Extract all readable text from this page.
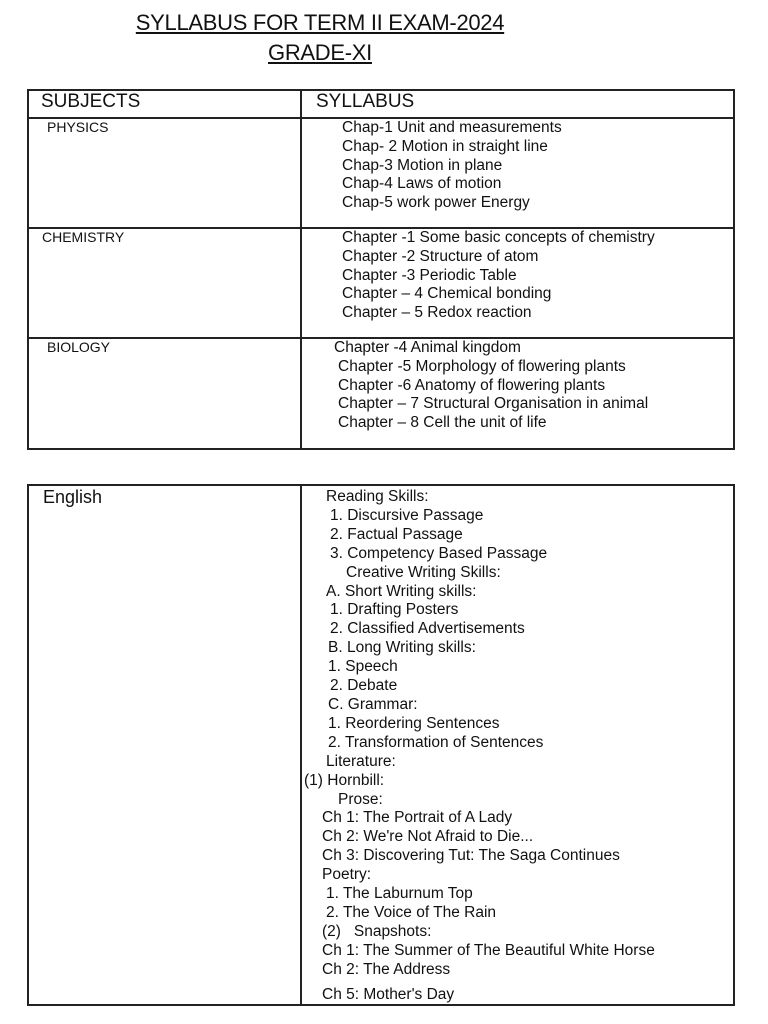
SYLLABUS FOR TERM II EXAM-2024
GRADE-XI
SUBJECTS	SYLLABUS

PHYSICS	Chap-1 Unit and measurements
Chap- 2 Motion in straight line
Chap-3 Motion in plane
Chap-4 Laws of motion
Chap-5 work power Energy

CHEMISTRY	Chapter -1 Some basic concepts of chemistry
Chapter -2 Structure of atom
Chapter -3 Periodic Table
Chapter – 4 Chemical bonding
Chapter – 5 Redox reaction

BIOLOGY	Chapter -4 Animal kingdom
Chapter -5 Morphology of flowering plants
Chapter -6 Anatomy of flowering plants
Chapter – 7 Structural Organisation in animal
Chapter – 8 Cell the unit of life
English	Reading Skills:
1. Discursive Passage
2. Factual Passage
3. Competency Based Passage
Creative Writing Skills:
A. Short Writing skills:
1. Drafting Posters
2. Classified Advertisements
B. Long Writing skills:
1. Speech
2. Debate
C. Grammar:
1. Reordering Sentences
2. Transformation of Sentences
Literature:
(1) Hornbill:
Prose:
Ch 1: The Portrait of A Lady
Ch 2: We're Not Afraid to Die...
Ch 3: Discovering Tut: The Saga Continues
Poetry:
1. The Laburnum Top
2. The Voice of The Rain
(2)   Snapshots:
Ch 1: The Summer of The Beautiful White Horse
Ch 2: The Address
Ch 5: Mother's Day
